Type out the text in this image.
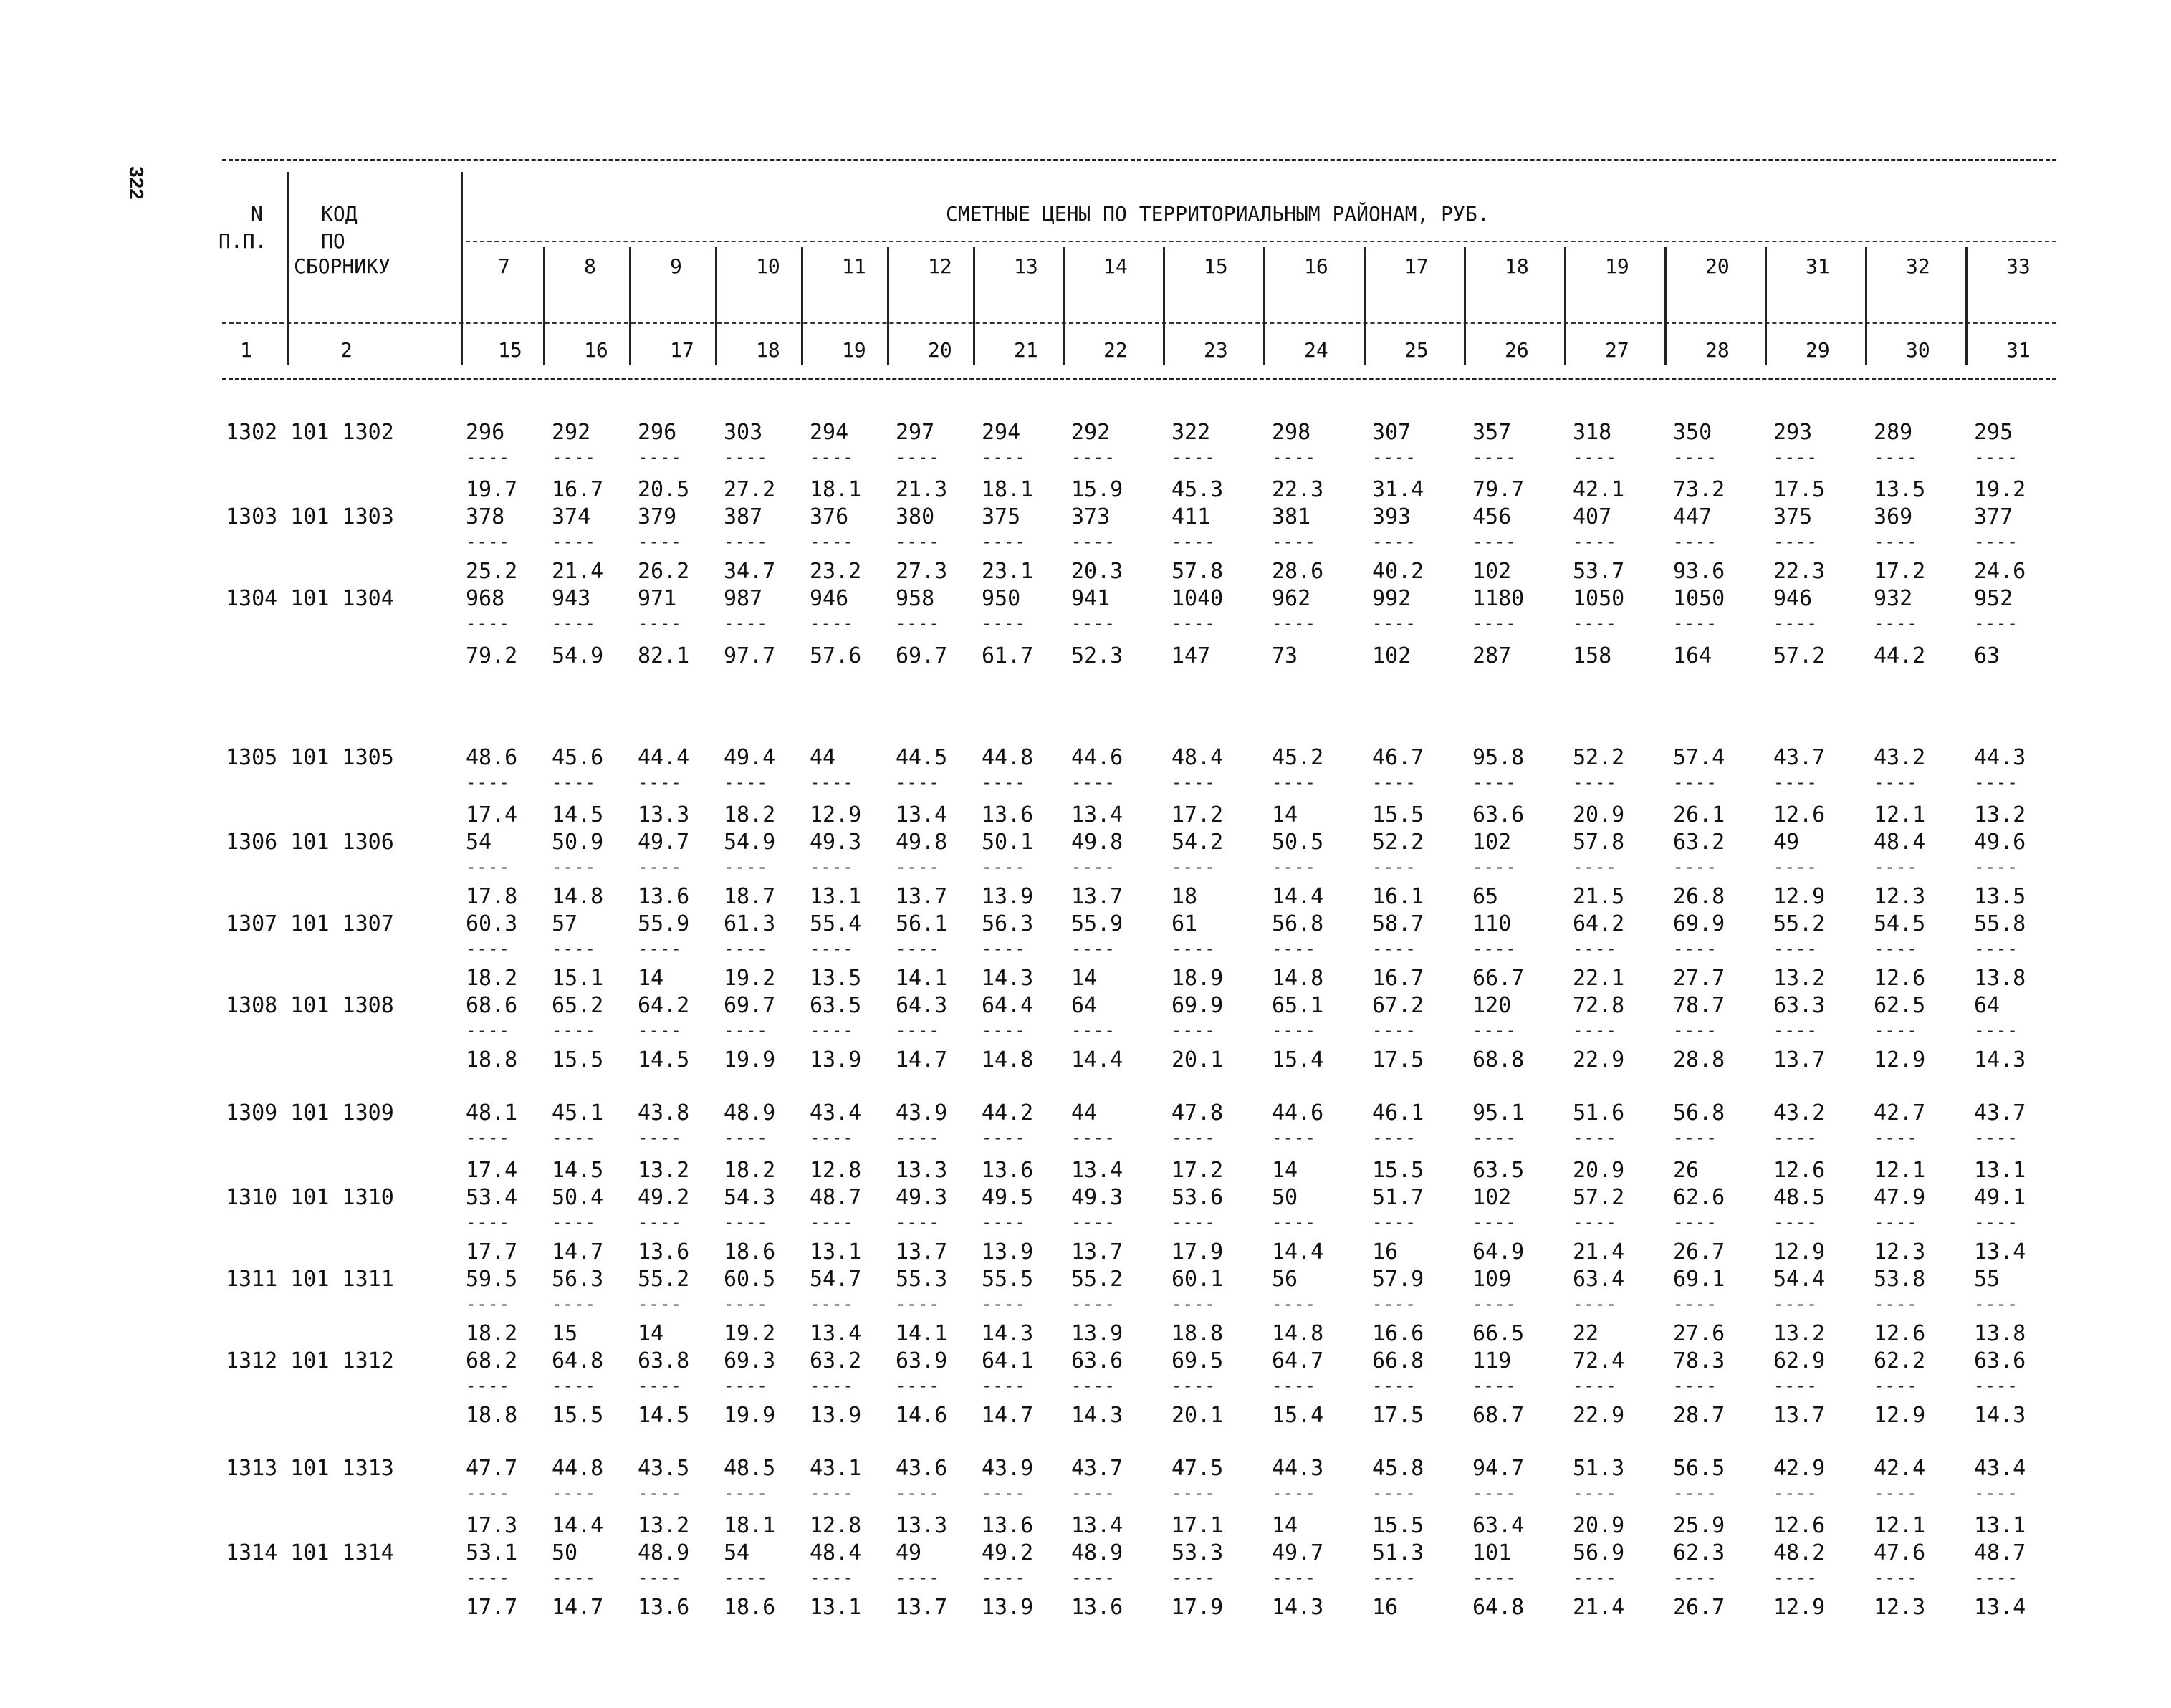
322
N
П.П.
КОД
ПО
СБОРНИКУ
СМЕТНЫЕ ЦЕНЫ ПО ТЕРРИТОРИАЛЬНЫМ РАЙОНАМ, РУБ.
7	8	9	10	11	12	13	14	15	16	17	18	19	20	31	32	33
1	2	15	16	17	18	19	20	21	22	23	24	25	26	27	28	29	30	31
1302 101 1302	296 292 296 303 294 297 294 292	322	298	307	357	318	350	293	289	295
---- ---- ---- ---- ---- ---- ----	----	----	----	----	----	----	----	----	----	----
19.7 16.7 20.5 27.2 18.1 21.3 18.1 15.9 45.3 22.3 31.4 79.7 42.1 73.2 17.5 13.5 19.2
1303 101 1303	378 374 379 387 376 380 375 373	411	381	393	456	407	447	375	369	377
---- ---- ---- ---- ---- ---- ----	----	----	----	----	----	----	----	----	----	----
25.2 21.4 26.2 34.7 23.2 27.3 23.1 20.3 57.8 28.6 40.2 102	53.7 93.6 22.3 17.2 24.6
1304 101 1304	968 943 971 987 946 958 950 941	1040 962	992	1180 1050 1050 946	932	952
---- ---- ---- ---- ---- ---- ----	----	----	----	----	----	----	----	----	----	----
79.2 54.9 82.1 97.7 57.6 69.7 61.7 52.3 147	73	102	287	158	164	57.2 44.2 63
1305 101 1305	48.6 45.6 44.4 49.4 44	44.5 44.8 44.6 48.4 45.2 46.7 95.8 52.2 57.4 43.7 43.2 44.3
---- ---- ---- ---- ---- ---- ----	----	----	----	----	----	----	----	----	----	----
17.4 14.5 13.3 18.2 12.9 13.4 13.6 13.4 17.2 14	15.5 63.6 20.9 26.1 12.6 12.1 13.2
1306 101 1306	54	50.9 49.7 54.9 49.3 49.8 50.1 49.8 54.2 50.5 52.2 102	57.8 63.2 49	48.4 49.6
---- ---- ---- ---- ---- ---- ----	----	----	----	----	----	----	----	----	----	----
17.8 14.8 13.6 18.7 13.1 13.7 13.9 13.7 18	14.4 16.1 65	21.5 26.8 12.9 12.3 13.5
1307 101 1307	60.3 57	55.9 61.3 55.4 56.1 56.3 55.9 61	56.8 58.7 110	64.2 69.9 55.2 54.5 55.8
---- ---- ---- ---- ---- ---- ----	----	----	----	----	----	----	----	----	----	----
18.2 15.1 14	19.2 13.5 14.1 14.3 14	18.9 14.8 16.7 66.7 22.1 27.7 13.2 12.6 13.8
1308 101 1308	68.6 65.2 64.2 69.7 63.5 64.3 64.4 64	69.9 65.1 67.2 120	72.8 78.7 63.3 62.5 64
---- ---- ---- ---- ---- ---- ----	----	----	----	----	----	----	----	----	----	----
18.8 15.5 14.5 19.9 13.9 14.7 14.8 14.4 20.1 15.4 17.5 68.8 22.9 28.8 13.7 12.9 14.3
1309 101 1309	48.1 45.1 43.8 48.9 43.4 43.9 44.2 44	47.8 44.6 46.1 95.1 51.6 56.8 43.2 42.7 43.7
---- ---- ---- ---- ---- ---- ----	----	----	----	----	----	----	----	----	----	----
17.4 14.5 13.2 18.2 12.8 13.3 13.6 13.4 17.2 14	15.5 63.5 20.9 26	12.6 12.1 13.1
1310 101 1310	53.4 50.4 49.2 54.3 48.7 49.3 49.5 49.3 53.6 50	51.7 102	57.2 62.6 48.5 47.9 49.1
---- ---- ---- ---- ---- ---- ----	----	----	----	----	----	----	----	----	----	----
17.7 14.7 13.6 18.6 13.1 13.7 13.9 13.7 17.9 14.4 16	64.9 21.4 26.7 12.9 12.3 13.4
1311 101 1311	59.5 56.3 55.2 60.5 54.7 55.3 55.5 55.2 60.1 56	57.9 109	63.4 69.1 54.4 53.8 55
---- ---- ---- ---- ---- ---- ----	----	----	----	----	----	----	----	----	----	----
18.2 15	14	19.2 13.4 14.1 14.3 13.9 18.8 14.8 16.6 66.5 22	27.6 13.2 12.6 13.8
1312 101 1312	68.2 64.8 63.8 69.3 63.2 63.9 64.1 63.6 69.5 64.7 66.8 119	72.4 78.3 62.9 62.2 63.6
---- ---- ---- ---- ---- ---- ----	----	----	----	----	----	----	----	----	----	----
18.8 15.5 14.5 19.9 13.9 14.6 14.7 14.3 20.1 15.4 17.5 68.7 22.9 28.7 13.7 12.9 14.3
1313 101 1313	47.7 44.8 43.5 48.5 43.1 43.6 43.9 43.7 47.5 44.3 45.8 94.7 51.3 56.5 42.9 42.4 43.4
---- ---- ---- ---- ---- ---- ----	----	----	----	----	----	----	----	----	----	----
17.3 14.4 13.2 18.1 12.8 13.3 13.6 13.4 17.1 14	15.5 63.4 20.9 25.9 12.6 12.1 13.1
1314 101 1314	53.1 50	48.9 54	48.4 49	49.2 48.9 53.3 49.7 51.3 101	56.9 62.3 48.2 47.6 48.7
---- ---- ---- ---- ---- ---- ----	----	----	----	----	----	----	----	----	----	----
17.7 14.7 13.6 18.6 13.1 13.7 13.9 13.6 17.9 14.3 16	64.8 21.4 26.7 12.9 12.3 13.4
